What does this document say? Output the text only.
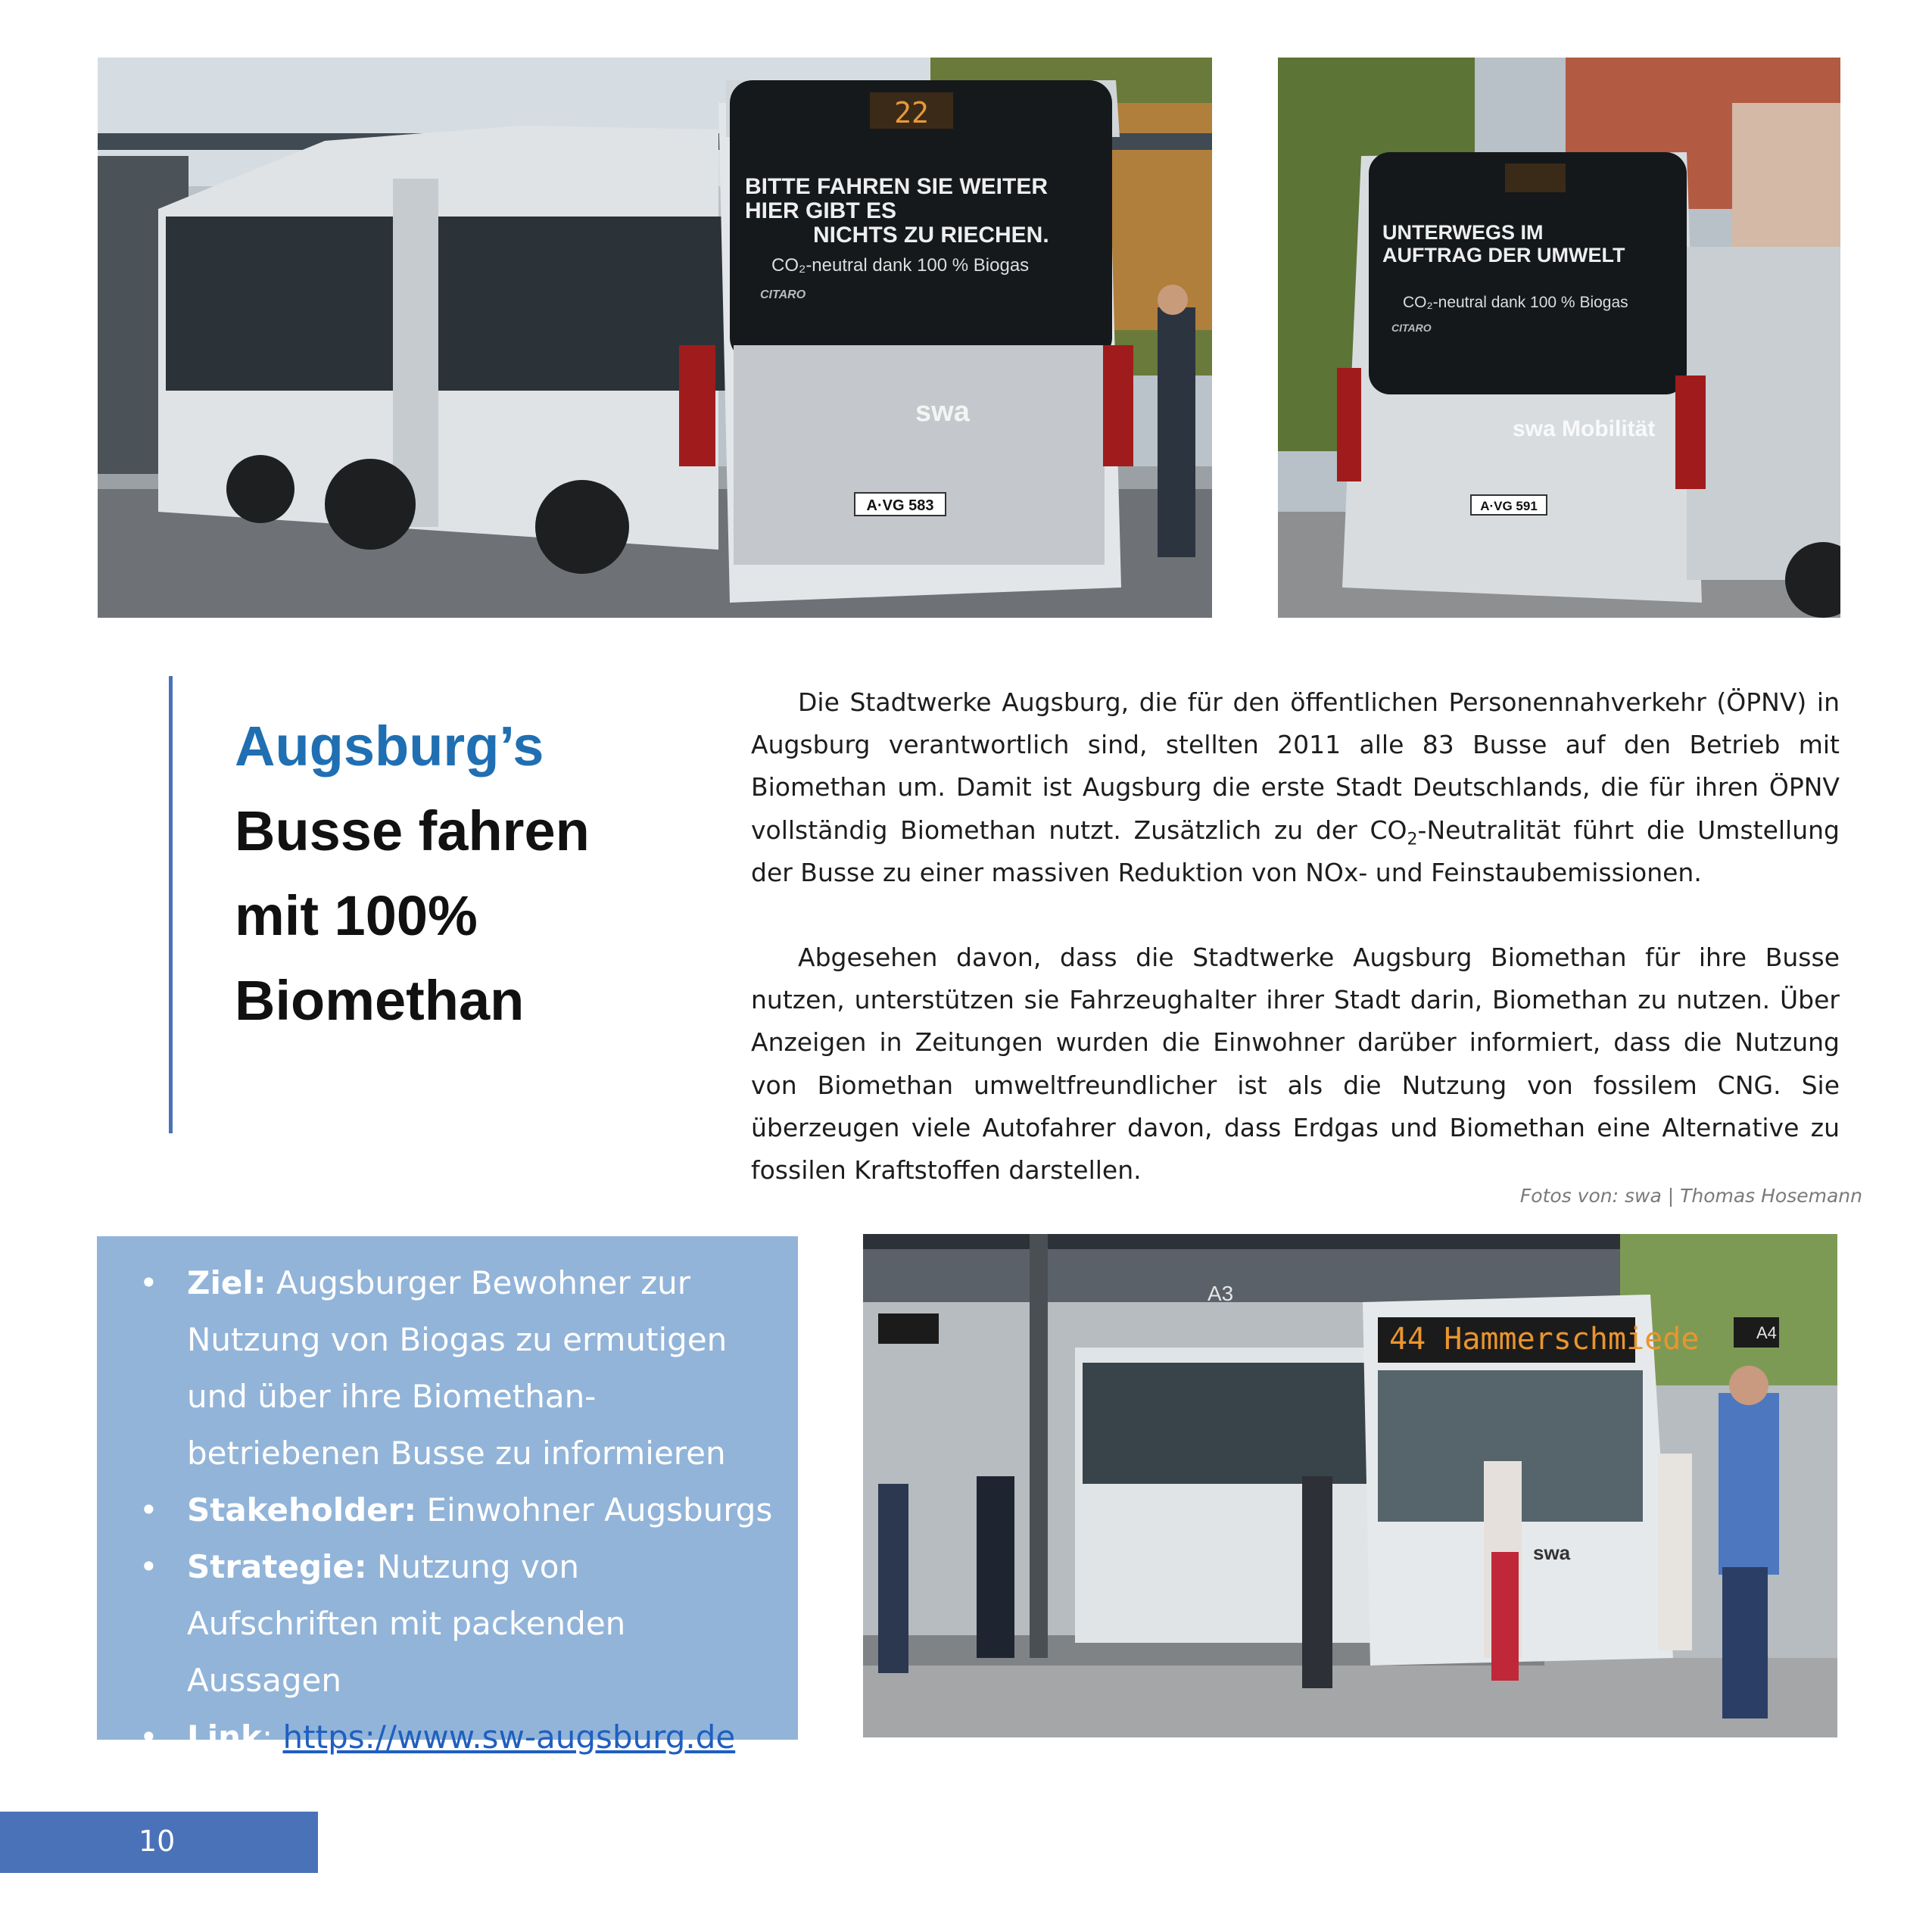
22
BITTE FAHREN SIE WEITER
HIER GIBT ES
NICHTS ZU RIECHEN.
CO₂-neutral dank 100 % Biogas
CITARO
swa
A·VG 583
UNTERWEGS IM
AUFTRAG DER UMWELT
CO₂-neutral dank 100 % Biogas
CITARO
swa Mobilität
A·VG 591
Augsburg’s
Busse fahren
mit 100%
Biomethan

Die Stadtwerke Augsburg, die für den öffentlichen Personennahverkehr (ÖPNV) in Augsburg verantwortlich sind, stellten 2011 alle 83 Busse auf den Betrieb mit Biomethan um. Damit ist Augsburg die erste Stadt Deutschlands, die für ihren ÖPNV vollständig Biomethan nutzt. Zusätzlich zu der $CO_2$-Neutralität führt die Umstellung der Busse zu einer massiven Reduktion von NOx- und Feinstaubemissionen.

Abgesehen davon, dass die Stadtwerke Augsburg Biomethan für ihre Busse nutzen, unterstützen sie Fahrzeughalter ihrer Stadt darin, Biomethan zu nutzen. Über Anzeigen in Zeitungen wurden die Einwohner darüber informiert, dass die Nutzung von Biomethan umweltfreundlicher ist als die Nutzung von fossilem CNG. Sie überzeugen viele Autofahrer davon, dass Erdgas und Biomethan eine Alternative zu fossilen Kraftstoffen darstellen.

Fotos von: swa | Thomas Hosemann
• Ziel: Augsburger Bewohner zur Nutzung von Biogas zu ermutigen und über ihre Biomethan-betriebenen Busse zu informieren
• Stakeholder: Einwohner Augsburgs
• Strategie: Nutzung von Aufschriften mit packenden Aussagen
• Link: https://www.sw-augsburg.de
44 Hammerschmiede
A3
A4
swa
10
